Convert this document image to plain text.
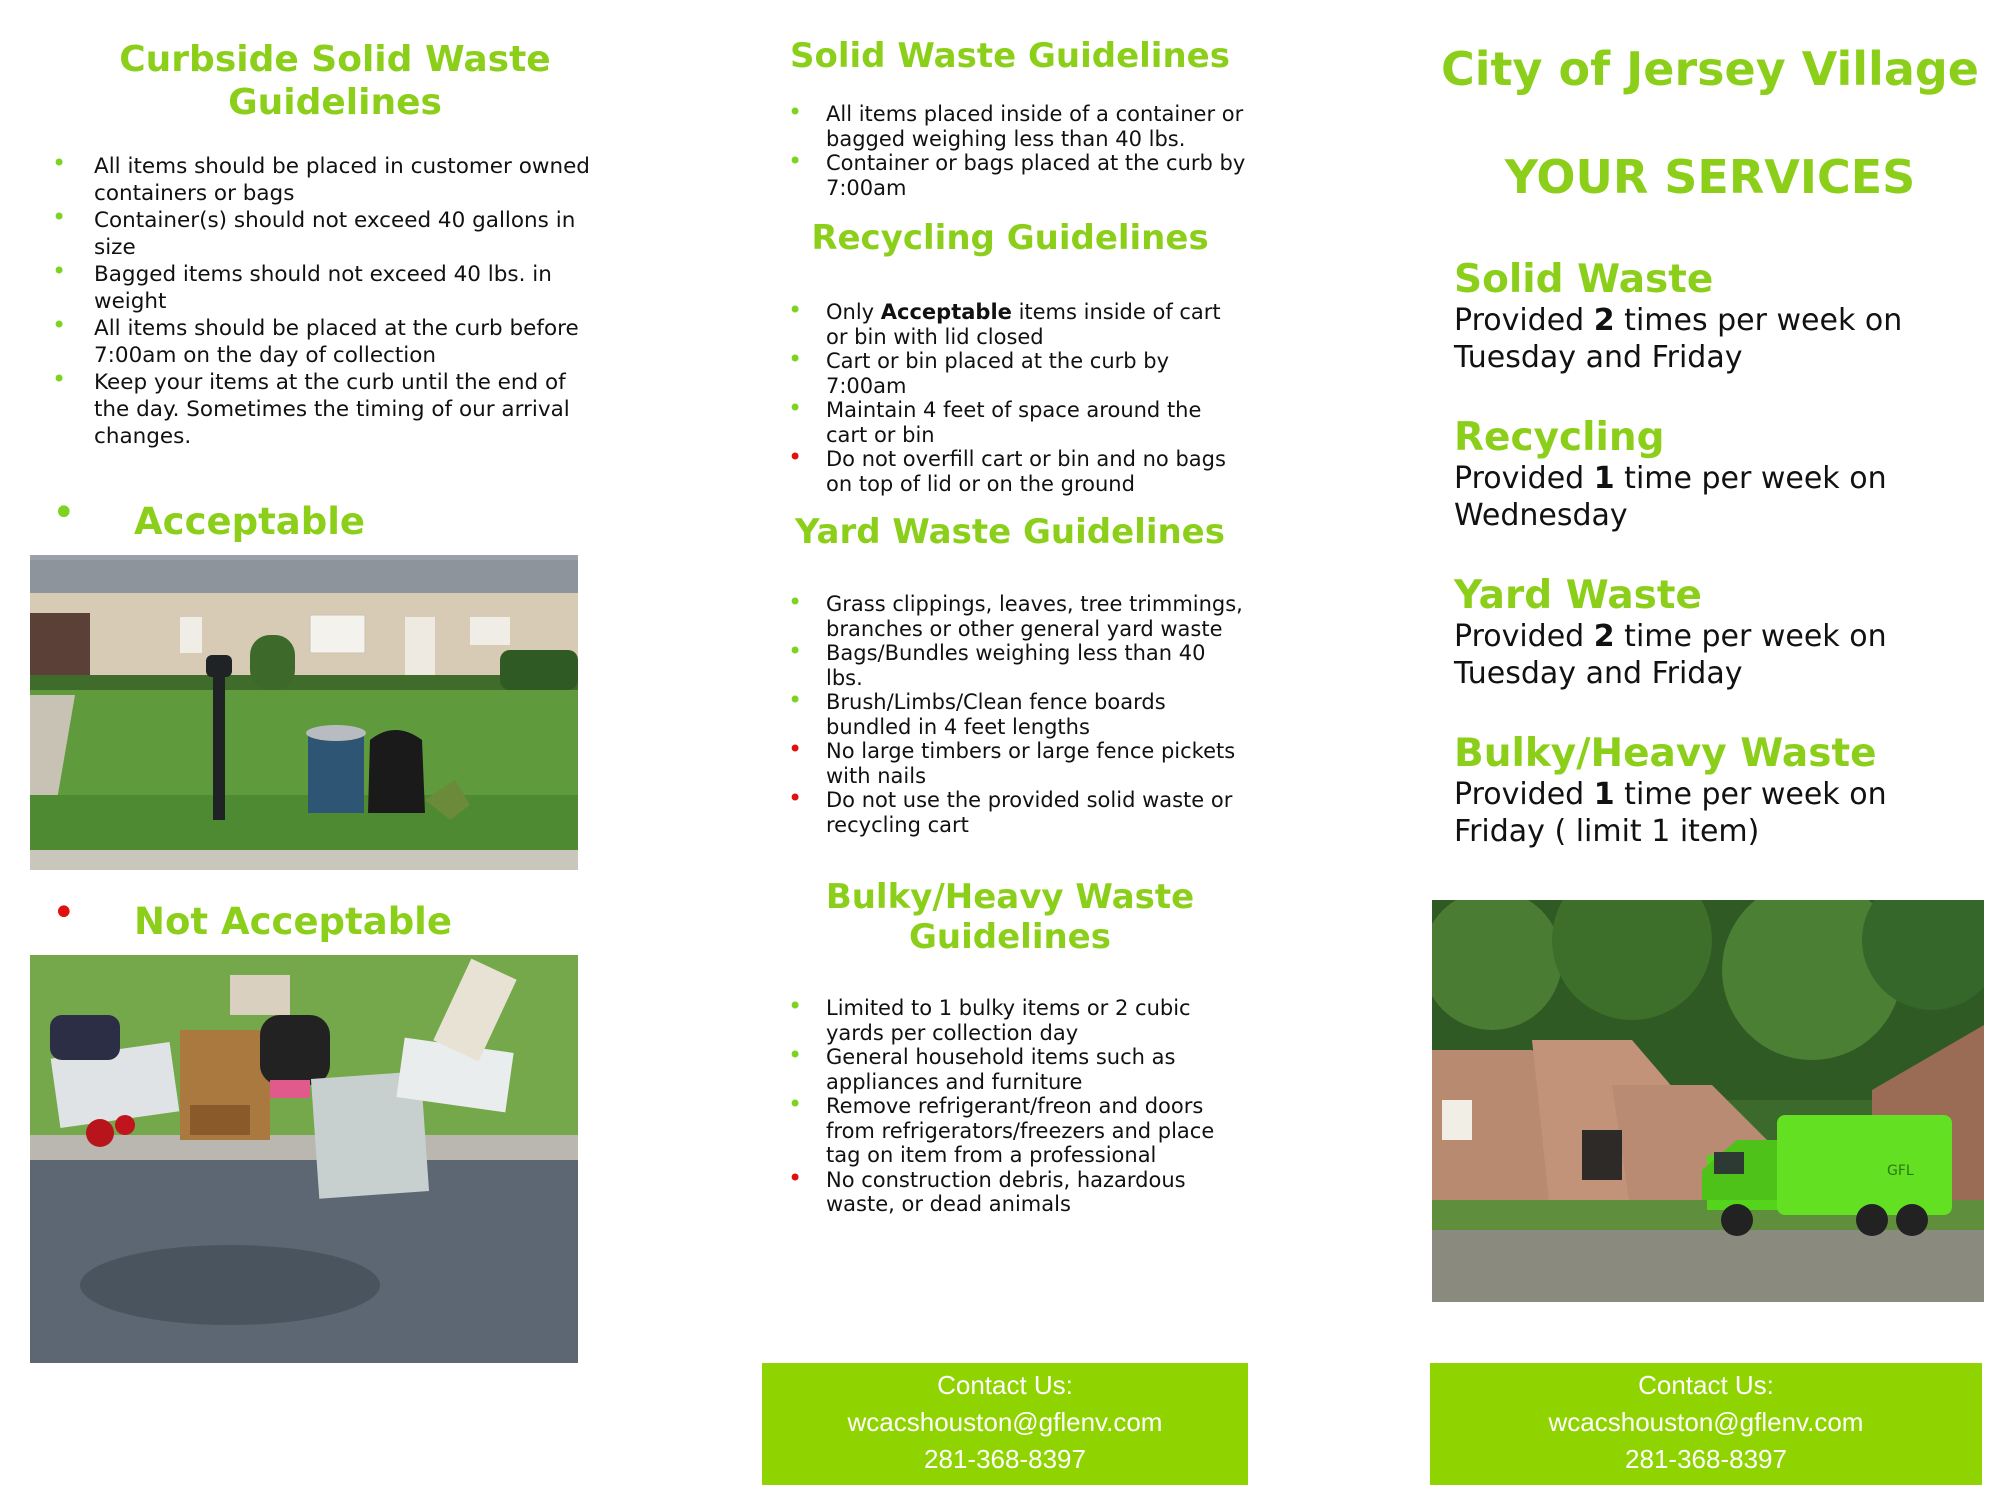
Curbside Solid Waste Guidelines
• All items should be placed in customer owned containers or bags
• Container(s) should not exceed 40 gallons in size
• Bagged items should not exceed 40 lbs. in weight
• All items should be placed at the curb before 7:00am on the day of collection
• Keep your items at the curb until the end of the day. Sometimes the timing of our arrival changes.
• Acceptable
• Not Acceptable
Solid Waste Guidelines
• All items placed inside of a container or bagged weighing less than 40 lbs.
• Container or bags placed at the curb by 7:00am
Recycling Guidelines
• Only Acceptable items inside of cart or bin with lid closed
• Cart or bin placed at the curb by 7:00am
• Maintain 4 feet of space around the cart or bin
• Do not overfill cart or bin and no bags on top of lid or on the ground
Yard Waste Guidelines
• Grass clippings, leaves, tree trimmings, branches or other general yard waste
• Bags/Bundles weighing less than 40 lbs.
• Brush/Limbs/Clean fence boards bundled in 4 feet lengths
• No large timbers or large fence pickets with nails
• Do not use the provided solid waste or recycling cart
Bulky/Heavy Waste Guidelines
• Limited to 1 bulky items or 2 cubic yards per collection day
• General household items such as appliances and furniture
• Remove refrigerant/freon and doors from refrigerators/freezers and place tag on item from a professional
• No construction debris, hazardous waste, or dead animals
Contact Us:
wcacshouston@gflenv.com
281-368-8397
City of Jersey Village
YOUR SERVICES

Solid Waste

Provided 2 times per week on
Tuesday and Friday

Recycling

Provided 1 time per week on
Wednesday

Yard Waste

Provided 2 time per week on
Tuesday and Friday

Bulky/Heavy Waste

Provided 1 time per week on
Friday ( limit 1 item)

GFL
Contact Us:
wcacshouston@gflenv.com
281-368-8397
